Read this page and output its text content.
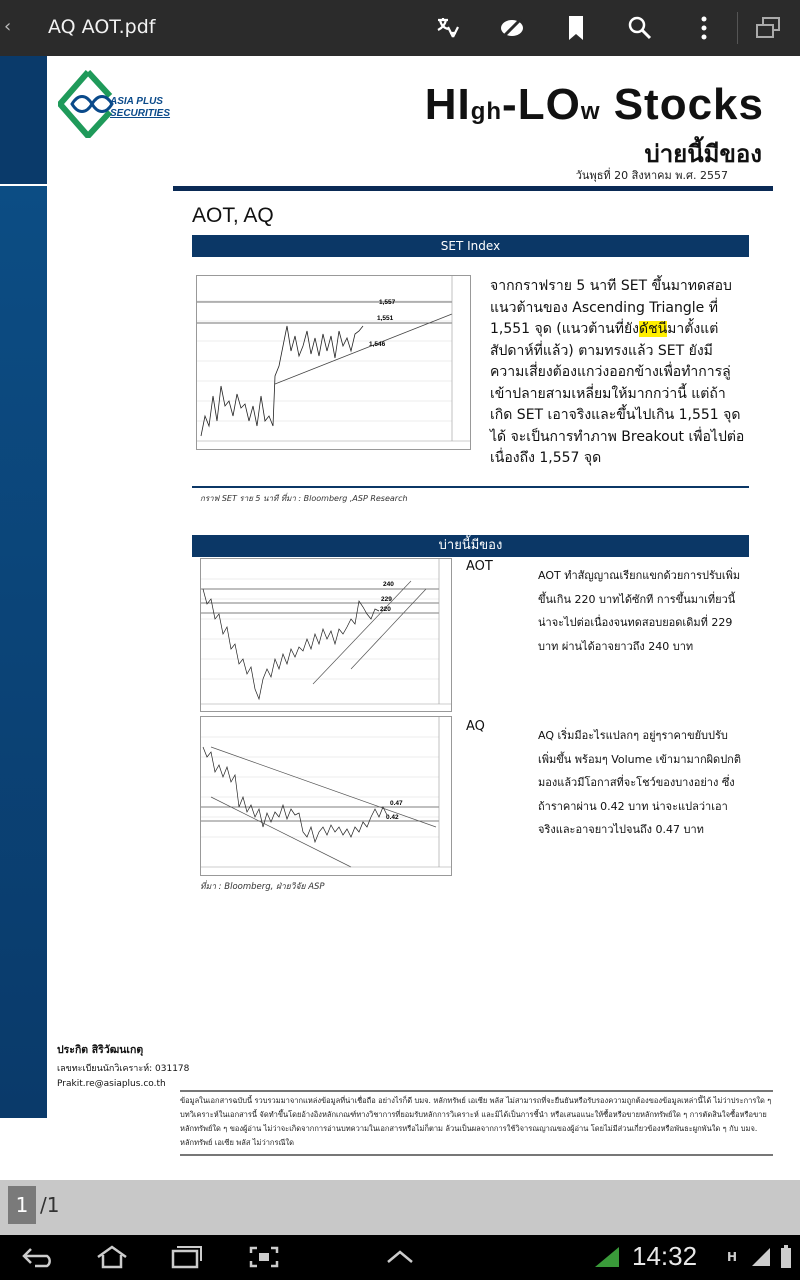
‹ AQ AOT.pdf
ASIA PLUS
SECURITIES	HIgh-LOw Stocks
บ่ายนี้มีของ
วันพุธที่ 20 สิงหาคม พ.ศ. 2557
AOT, AQ
SET Index
1,557
1,551
1,546

จากกราฟราย 5 นาที SET ขึ้นมาทดสอบแนวต้านของ Ascending Triangle ที่ 1,551 จุด (แนวต้านที่ยังดัชนีมาตั้งแต่สัปดาห์ที่แล้ว) ตามทรงแล้ว SET ยังมีความเสี่ยงต้องแกว่งออกข้างเพื่อทำการลู่เข้าปลายสามเหลี่ยมให้มากกว่านี้ แต่ถ้าเกิด SET เอาจริงและขึ้นไปเกิน 1,551 จุดได้ จะเป็นการทำภาพ Breakout เพื่อไปต่อเนื่องถึง 1,557 จุด

กราฟ SET ราย 5 นาที ที่มา : Bloomberg ,ASP Research
บ่ายนี้มีของ
240
229
220
AOT

AOT ทำสัญญาณเรียกแขกด้วยการปรับเพิ่มขึ้นเกิน 220 บาทได้ซักที การขึ้นมาเที่ยวนี้ น่าจะไปต่อเนื่องจนทดสอบยอดเดิมที่ 229 บาท ผ่านได้อาจยาวถึง 240 บาท

0.47
0.42
AQ

AQ เริ่มมีอะไรแปลกๆ อยู่ๆราคาขยับปรับเพิ่มขึ้น พร้อมๆ Volume เข้ามามากผิดปกติ มองแล้วมีโอกาสที่จะโชว์ของบางอย่าง ซึ่งถ้าราคาผ่าน 0.42 บาท น่าจะแปลว่าเอาจริงและอาจยาวไปจนถึง 0.47 บาท

ที่มา : Bloomberg, ฝ่ายวิจัย ASP
ประกิต สิริวัฒนเกตุ
เลขทะเบียนนักวิเคราะห์: 031178
Prakit.re@asiaplus.co.th
ข้อมูลในเอกสารฉบับนี้ รวบรวมมาจากแหล่งข้อมูลที่น่าเชื่อถือ อย่างไรก็ดี บมจ. หลักทรัพย์ เอเซีย พลัส ไม่สามารถที่จะยืนยันหรือรับรองความถูกต้องของข้อมูลเหล่านี้ได้ ไม่ว่าประการใด ๆ บทวิเคราะห์ในเอกสารนี้ จัดทำขึ้นโดยอ้างอิงหลักเกณฑ์ทางวิชาการที่ยอมรับหลักการวิเคราะห์ และมิได้เป็นการชี้นำ หรือเสนอแนะให้ซื้อหรือขายหลักทรัพย์ใด ๆ การตัดสินใจซื้อหรือขายหลักทรัพย์ใด ๆ ของผู้อ่าน ไม่ว่าจะเกิดจากการอ่านบทความในเอกสารหรือไม่ก็ตาม ล้วนเป็นผลจากการใช้วิจารณญาณของผู้อ่าน โดยไม่มีส่วนเกี่ยวข้องหรือพันธะผูกพันใด ๆ กับ บมจ. หลักทรัพย์ เอเซีย พลัส ไม่ว่ากรณีใด
1 /1
14:32	H
